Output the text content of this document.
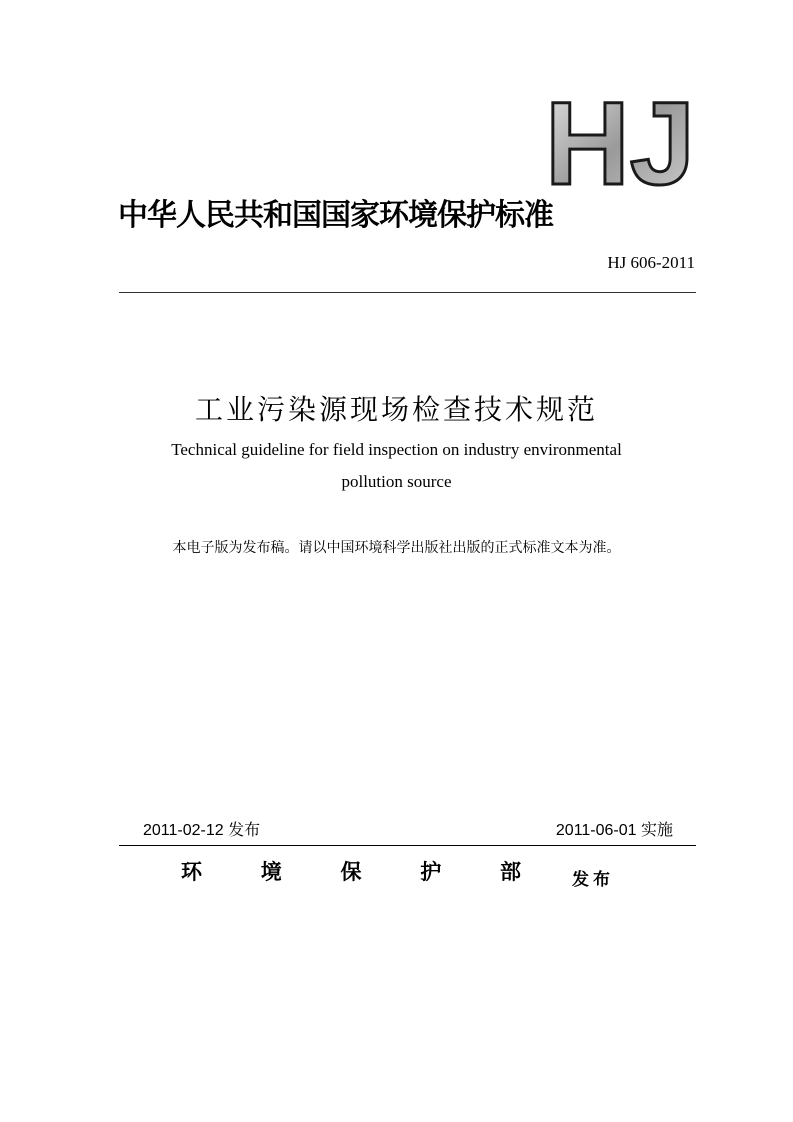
HJ
中华人民共和国国家环境保护标准
HJ 606-2011
工业污染源现场检查技术规范
Technical guideline for field inspection on industry environmental
pollution source
本电子版为发布稿。请以中国环境科学出版社出版的正式标准文本为准。
2011-02-12 发布	2011-06-01 实施
环	境	保	护	部	发布
